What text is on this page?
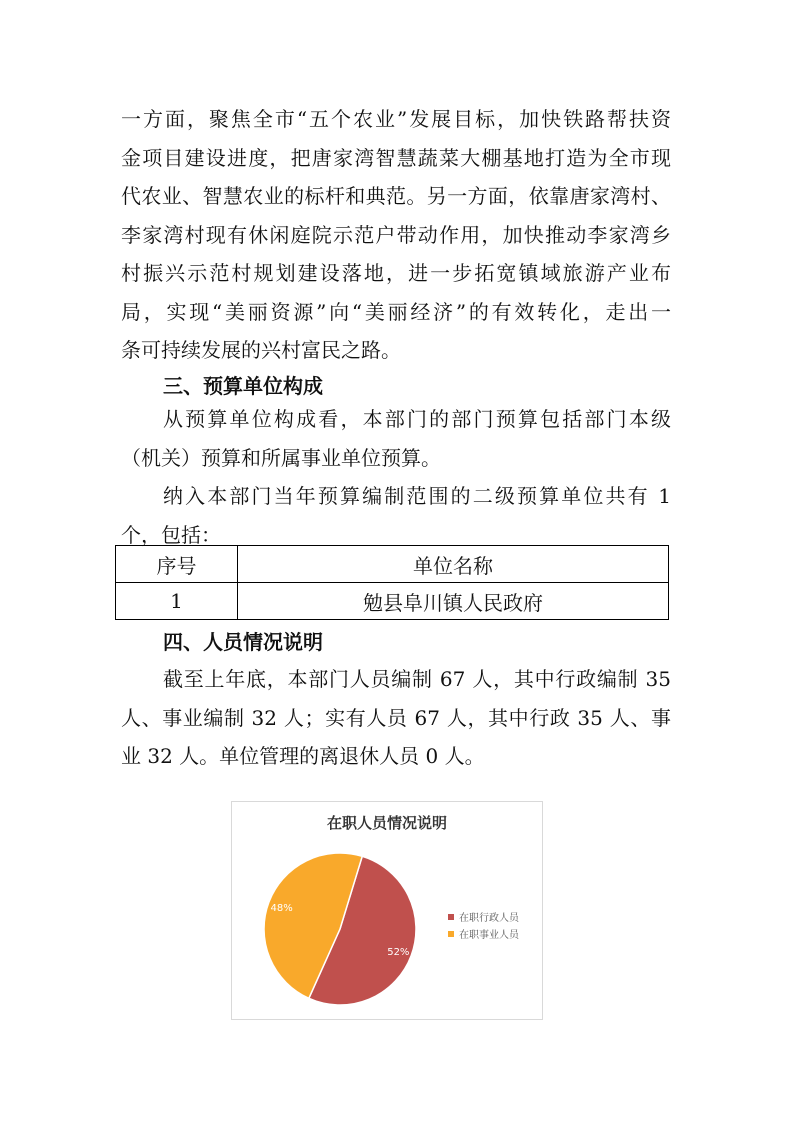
一方面，聚焦全市“五个农业”发展目标，加快铁路帮扶资

金项目建设进度，把唐家湾智慧蔬菜大棚基地打造为全市现

代农业、智慧农业的标杆和典范。另一方面，依靠唐家湾村、

李家湾村现有休闲庭院示范户带动作用，加快推动李家湾乡

村振兴示范村规划建设落地，进一步拓宽镇域旅游产业布

局，实现“美丽资源”向“美丽经济”的有效转化，走出一

条可持续发展的兴村富民之路。

三、预算单位构成

从预算单位构成看，本部门的部门预算包括部门本级

（机关）预算和所属事业单位预算。

纳入本部门当年预算编制范围的二级预算单位共有 1

个，包括：

序号	单位名称
1	勉县阜川镇人民政府
四、人员情况说明

截至上年底，本部门人员编制 67 人，其中行政编制 35

人、事业编制 32 人；实有人员 67 人，其中行政 35 人、事

业 32 人。单位管理的离退休人员 0 人。

在职人员情况说明
52%
48%
在职行政人员
在职事业人员
